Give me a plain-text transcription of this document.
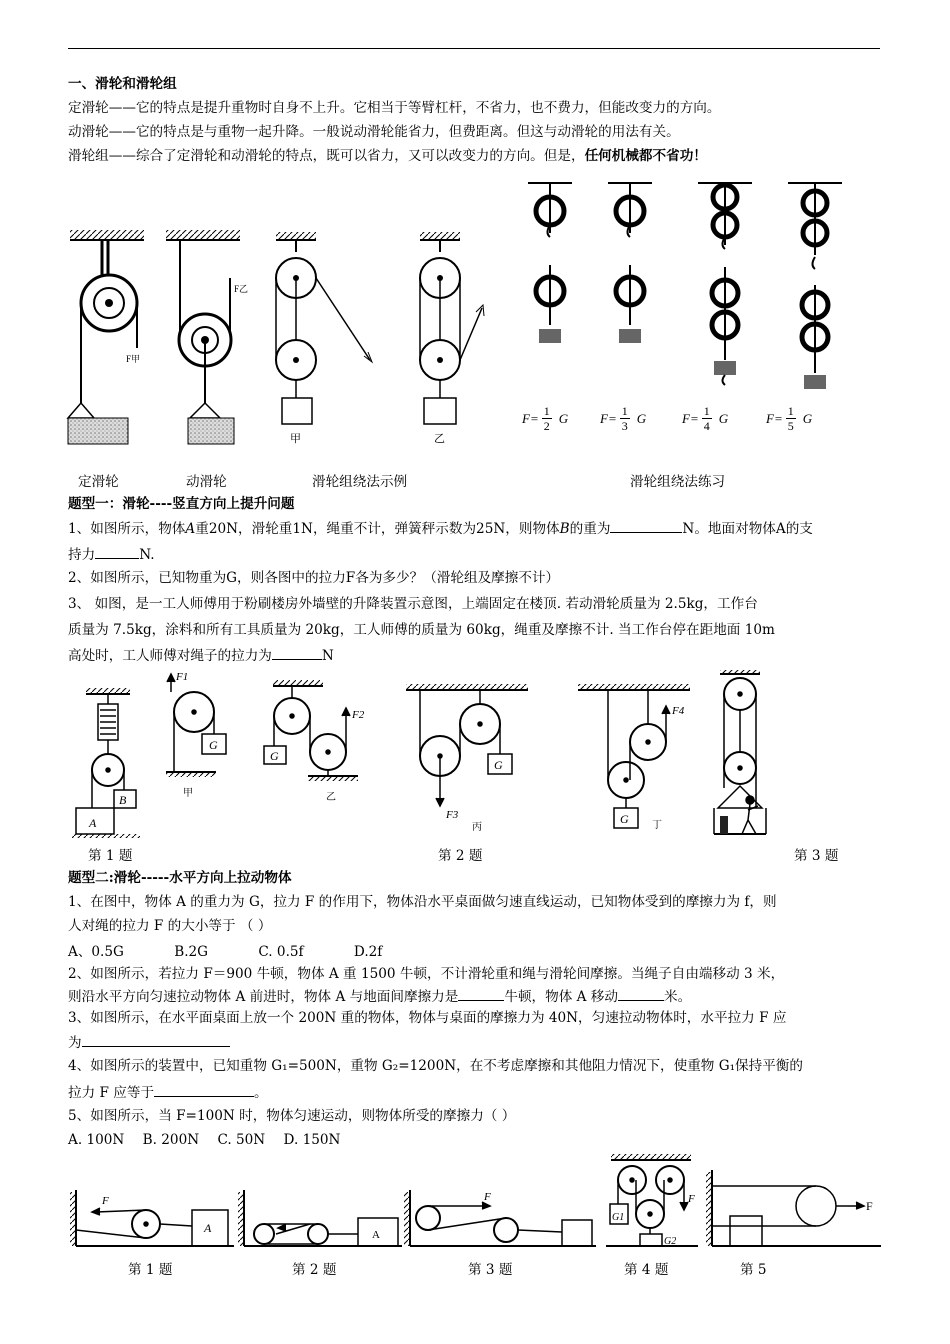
一、滑轮和滑轮组
定滑轮——它的特点是提升重物时自身不上升。它相当于等臂杠杆，不省力，也不费力，但能改变力的方向。
动滑轮——它的特点是与重物一起升降。一般说动滑轮能省力，但费距离。但这与动滑轮的用法有关。
滑轮组——综合了定滑轮和动滑轮的特点，既可以省力，又可以改变力的方向。但是，任何机械都不省功！
F甲
F乙
甲	乙
$F= \frac{1}{2}$ G $F= \frac{1}{3}$ G	$F= \frac{1}{4}$ G	$F= \frac{1}{5}$ G
定滑轮	动滑轮	滑轮组绕法示例	滑轮组绕法练习
题型一：滑轮----竖直方向上提升问题
1、如图所示，物体A重20N，滑轮重1N，绳重不计，弹簧秤示数为25N，则物体B的重为	N。地面对物体A的支
持力	N.
2、如图所示，已知物重为G，则各图中的拉力F各为多少？（滑轮组及摩擦不计）
3、 如图，是一工人师傅用于粉刷楼房外墙壁的升降装置示意图，上端固定在楼顶. 若动滑轮质量为 2.5kg，工作台
质量为 7.5kg，涂料和所有工具质量为 20kg，工人师傅的质量为 60kg，绳重及摩擦不计. 当工作台停在距地面 10m
高处时，工人师傅对绳子的拉力为	N
B
A
F1
G
甲
G
F2
乙
F3
G
丙
F4
G 丁
第 1 题	第 2 题	第 3 题
题型二:滑轮-----水平方向上拉动物体
1、在图中，物体 A 的重力为 G，拉力 F 的作用下，物体沿水平桌面做匀速直线运动，已知物体受到的摩擦力为 f，则
人对绳的拉力 F 的大小等于 （ ）
A、0.5G	B.2G	C. 0.5f	D.2f
2、如图所示，若拉力 F＝900 牛顿，物体 A 重 1500 牛顿，不计滑轮重和绳与滑轮间摩擦。当绳子自由端移动 3 米，
则沿水平方向匀速拉动物体 A 前进时，物体 A 与地面间摩擦力是	牛顿，物体 A 移动	米。
3、如图所示，在水平面桌面上放一个 200N 重的物体，物体与桌面的摩擦力为 40N，匀速拉动物体时，水平拉力 F 应
为
4、如图所示的装置中，已知重物 G₁=500N，重物 G₂=1200N，在不考虑摩擦和其他阻力情况下，使重物 G₁保持平衡的
拉力 F 应等于	。
5、如图所示，当 F=100N 时，物体匀速运动，则物体所受的摩擦力（ ）
A. 100N B. 200N C. 50N D. 150N
F
A	A
F	F
G1
G2
F
第 1 题	第 2 题	第 3 题	第 4 题	第 5
